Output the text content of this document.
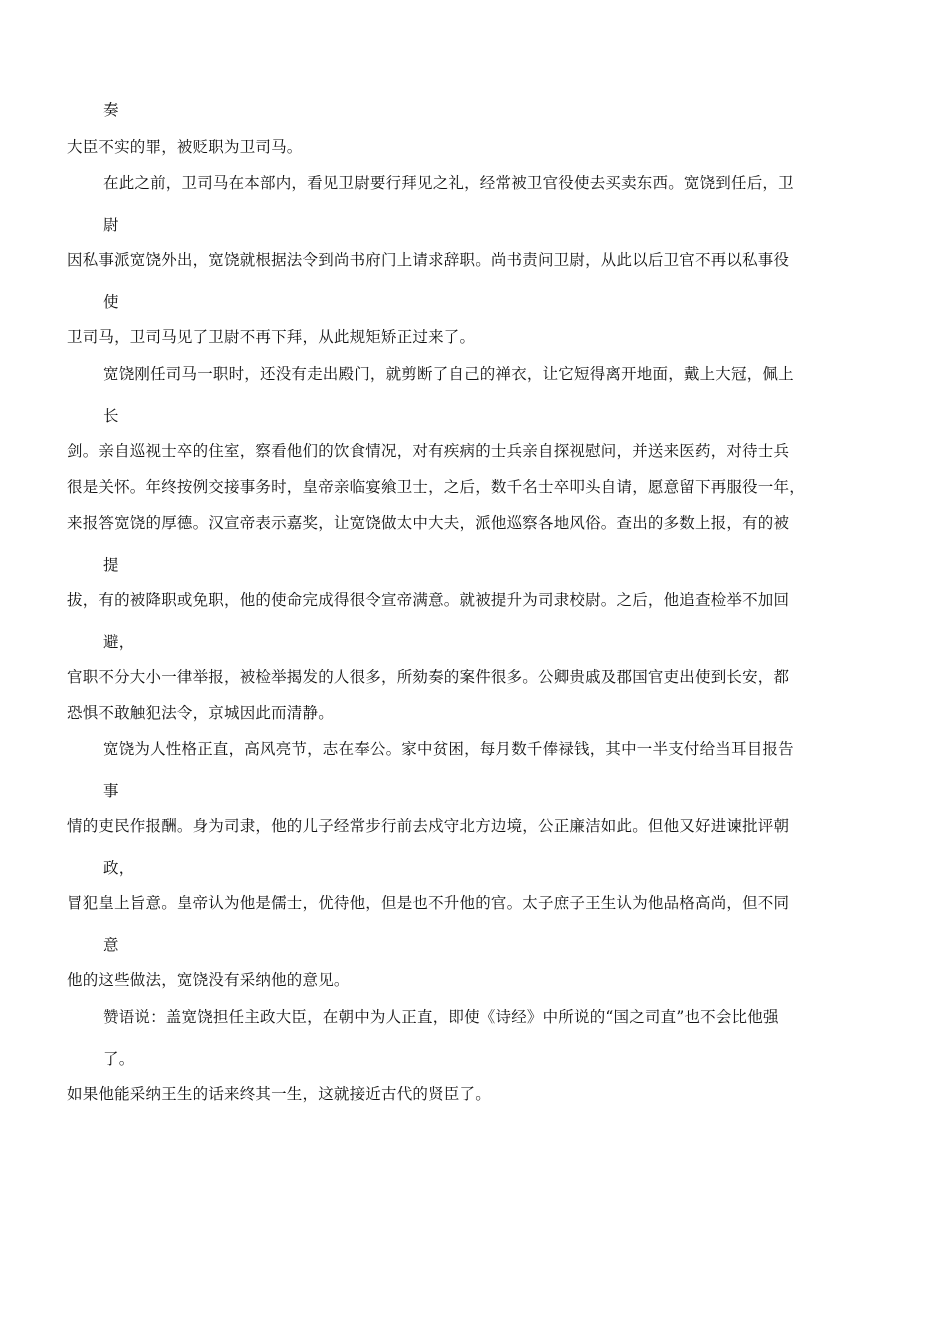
奏
大臣不实的罪，被贬职为卫司马。
在此之前，卫司马在本部内，看见卫尉要行拜见之礼，经常被卫官役使去买卖东西。宽饶到任后，卫
尉
因私事派宽饶外出，宽饶就根据法令到尚书府门上请求辞职。尚书责问卫尉，从此以后卫官不再以私事役
使
卫司马，卫司马见了卫尉不再下拜，从此规矩矫正过来了。
宽饶刚任司马一职时，还没有走出殿门，就剪断了自己的禅衣，让它短得离开地面，戴上大冠，佩上
长
剑。亲自巡视士卒的住室，察看他们的饮食情况，对有疾病的士兵亲自探视慰问，并送来医药，对待士兵
很是关怀。年终按例交接事务时，皇帝亲临宴飨卫士，之后，数千名士卒叩头自请，愿意留下再服役一年，
来报答宽饶的厚德。汉宣帝表示嘉奖，让宽饶做太中大夫，派他巡察各地风俗。查出的多数上报，有的被
提
拔，有的被降职或免职，他的使命完成得很令宣帝满意。就被提升为司隶校尉。之后，他追查检举不加回
避，
官职不分大小一律举报，被检举揭发的人很多，所劾奏的案件很多。公卿贵戚及郡国官吏出使到长安，都
恐惧不敢触犯法令，京城因此而清静。
宽饶为人性格正直，高风亮节，志在奉公。家中贫困，每月数千俸禄钱，其中一半支付给当耳目报告
事
情的吏民作报酬。身为司隶，他的儿子经常步行前去戍守北方边境，公正廉洁如此。但他又好进谏批评朝
政，
冒犯皇上旨意。皇帝认为他是儒士，优待他，但是也不升他的官。太子庶子王生认为他品格高尚，但不同
意
他的这些做法，宽饶没有采纳他的意见。
赞语说：盖宽饶担任主政大臣，在朝中为人正直，即使《诗经》中所说的“国之司直”也不会比他强
了。
如果他能采纳王生的话来终其一生，这就接近古代的贤臣了。
